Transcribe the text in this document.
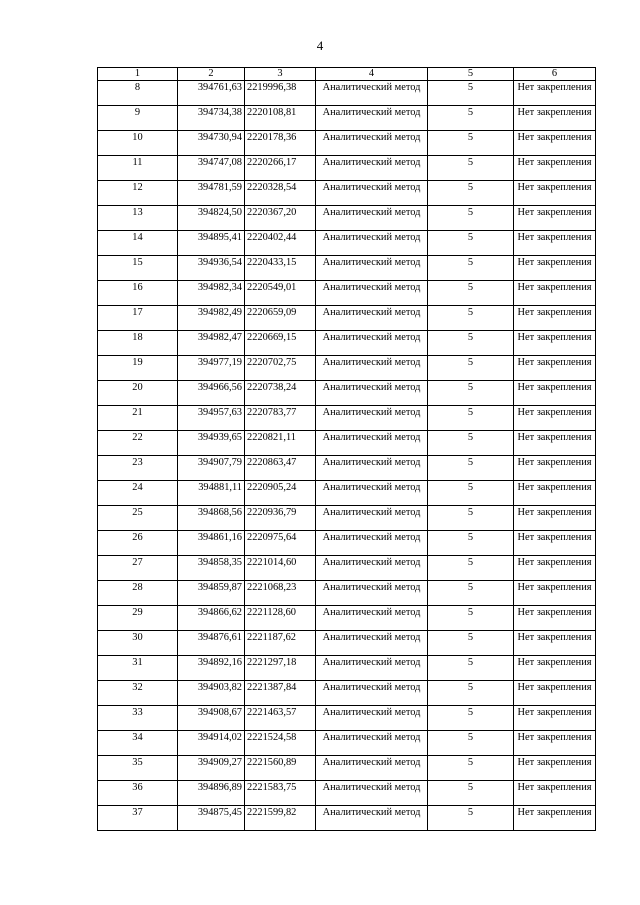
4
1	2	3	4	5	6
8	394761,63	2219996,38	Аналитический метод	5	Нет закрепления
9	394734,38	2220108,81	Аналитический метод	5	Нет закрепления
10	394730,94	2220178,36	Аналитический метод	5	Нет закрепления
11	394747,08	2220266,17	Аналитический метод	5	Нет закрепления
12	394781,59	2220328,54	Аналитический метод	5	Нет закрепления
13	394824,50	2220367,20	Аналитический метод	5	Нет закрепления
14	394895,41	2220402,44	Аналитический метод	5	Нет закрепления
15	394936,54	2220433,15	Аналитический метод	5	Нет закрепления
16	394982,34	2220549,01	Аналитический метод	5	Нет закрепления
17	394982,49	2220659,09	Аналитический метод	5	Нет закрепления
18	394982,47	2220669,15	Аналитический метод	5	Нет закрепления
19	394977,19	2220702,75	Аналитический метод	5	Нет закрепления
20	394966,56	2220738,24	Аналитический метод	5	Нет закрепления
21	394957,63	2220783,77	Аналитический метод	5	Нет закрепления
22	394939,65	2220821,11	Аналитический метод	5	Нет закрепления
23	394907,79	2220863,47	Аналитический метод	5	Нет закрепления
24	394881,11	2220905,24	Аналитический метод	5	Нет закрепления
25	394868,56	2220936,79	Аналитический метод	5	Нет закрепления
26	394861,16	2220975,64	Аналитический метод	5	Нет закрепления
27	394858,35	2221014,60	Аналитический метод	5	Нет закрепления
28	394859,87	2221068,23	Аналитический метод	5	Нет закрепления
29	394866,62	2221128,60	Аналитический метод	5	Нет закрепления
30	394876,61	2221187,62	Аналитический метод	5	Нет закрепления
31	394892,16	2221297,18	Аналитический метод	5	Нет закрепления
32	394903,82	2221387,84	Аналитический метод	5	Нет закрепления
33	394908,67	2221463,57	Аналитический метод	5	Нет закрепления
34	394914,02	2221524,58	Аналитический метод	5	Нет закрепления
35	394909,27	2221560,89	Аналитический метод	5	Нет закрепления
36	394896,89	2221583,75	Аналитический метод	5	Нет закрепления
37	394875,45	2221599,82	Аналитический метод	5	Нет закрепления
